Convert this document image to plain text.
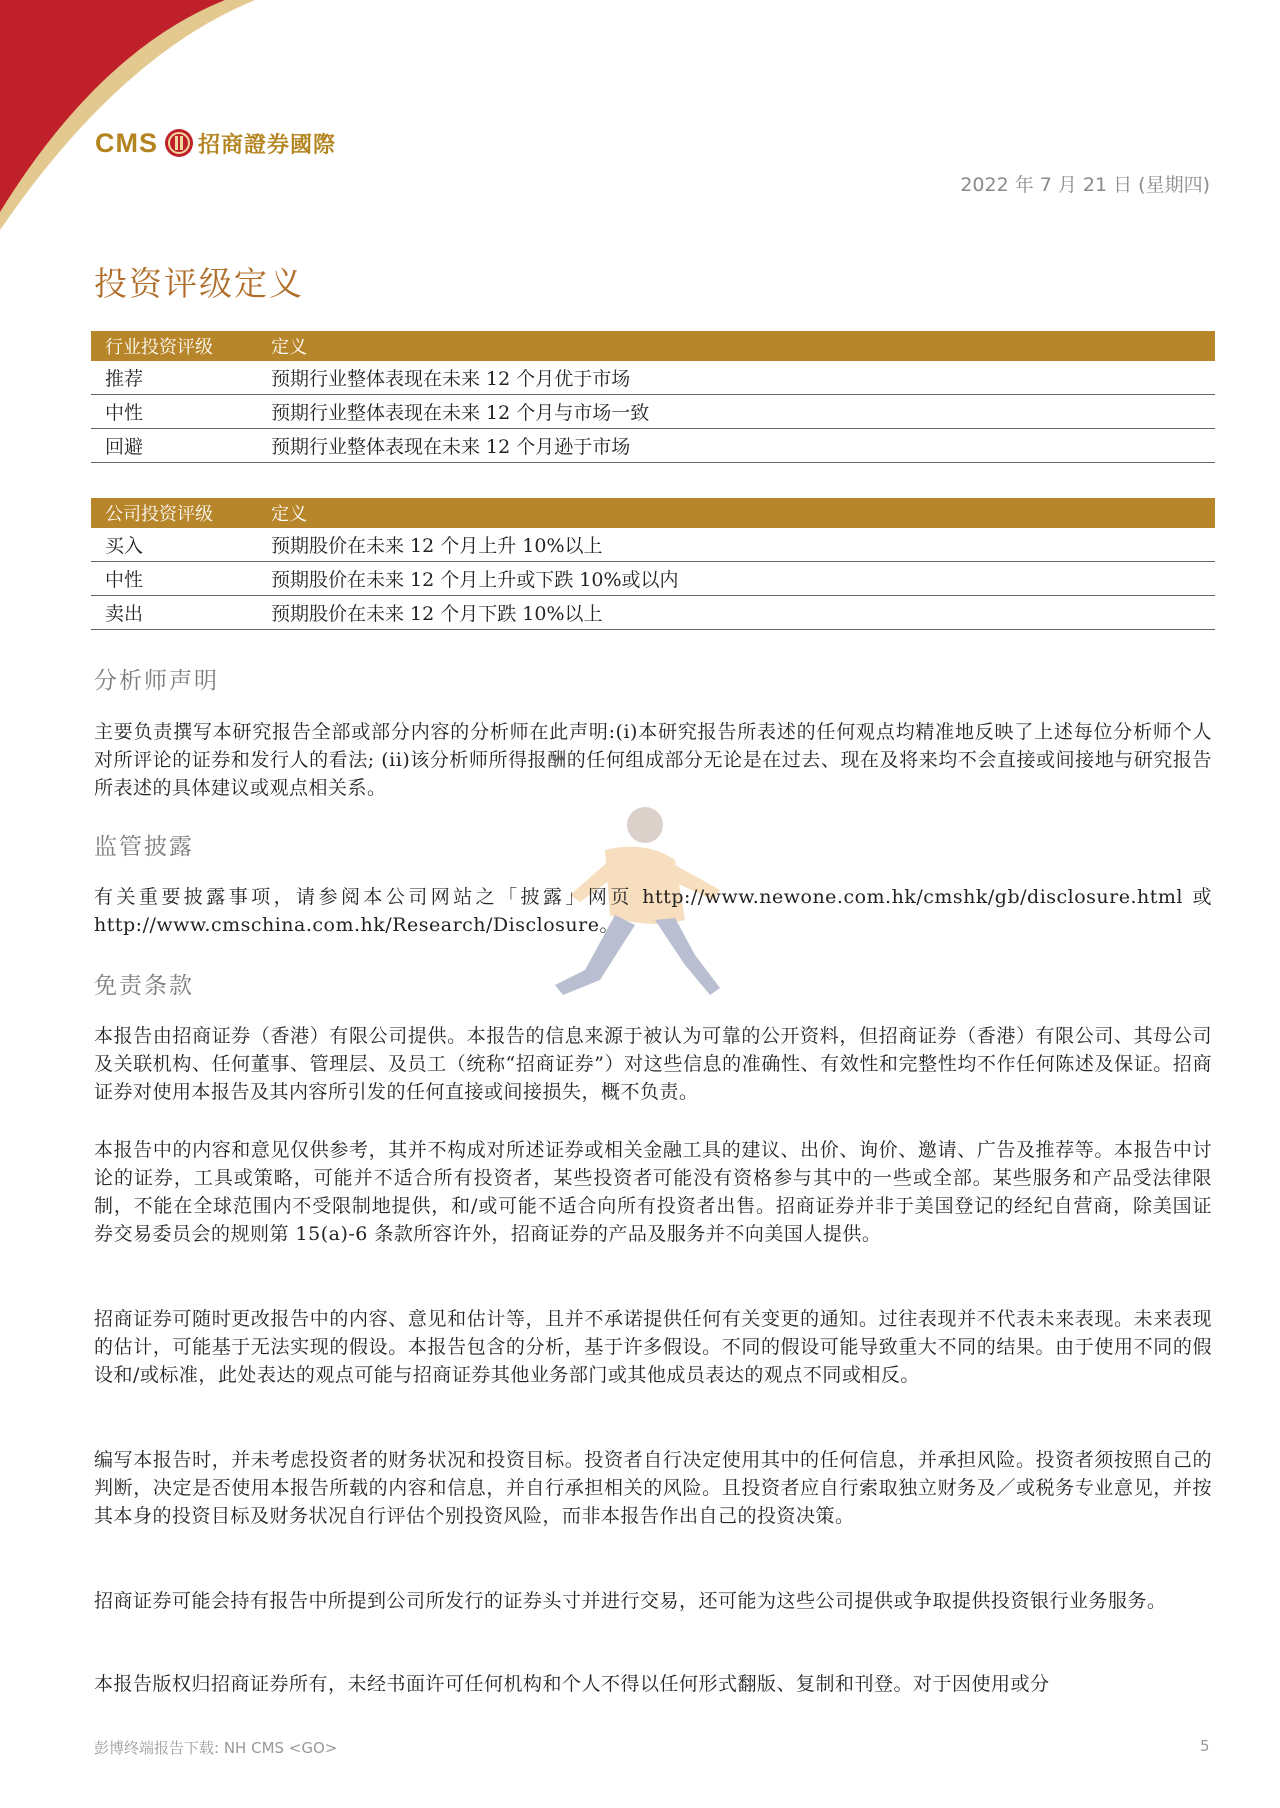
CMS 招商證券國際
2022 年 7 月 21 日 (星期四)
投资评级定义
行业投资评级	定义
推荐	预期行业整体表现在未来 12 个月优于市场
中性	预期行业整体表现在未来 12 个月与市场一致
回避	预期行业整体表现在未来 12 个月逊于市场
公司投资评级	定义
买入	预期股价在未来 12 个月上升 10%以上
中性	预期股价在未来 12 个月上升或下跌 10%或以内
卖出	预期股价在未来 12 个月下跌 10%以上
分析师声明

主要负责撰写本研究报告全部或部分内容的分析师在此声明:(i)本研究报告所表述的任何观点均精准地反映了上述每位分析师个人对所评论的证券和发行人的看法; (ii)该分析师所得报酬的任何组成部分无论是在过去、现在及将来均不会直接或间接地与研究报告所表述的具体建议或观点相关系。

监管披露

有关重要披露事项，请参阅本公司网站之「披露」网页 http://www.newone.com.hk/cmshk/gb/disclosure.html 或 http://www.cmschina.com.hk/Research/Disclosure。

免责条款

本报告由招商证券（香港）有限公司提供。本报告的信息来源于被认为可靠的公开资料，但招商证券（香港）有限公司、其母公司及关联机构、任何董事、管理层、及员工（统称“招商证券”）对这些信息的准确性、有效性和完整性均不作任何陈述及保证。招商证券对使用本报告及其内容所引发的任何直接或间接损失，概不负责。

本报告中的内容和意见仅供参考，其并不构成对所述证券或相关金融工具的建议、出价、询价、邀请、广告及推荐等。本报告中讨论的证券，工具或策略，可能并不适合所有投资者，某些投资者可能没有资格参与其中的一些或全部。某些服务和产品受法律限制，不能在全球范围内不受限制地提供，和/或可能不适合向所有投资者出售。招商证券并非于美国登记的经纪自营商，除美国证券交易委员会的规则第 15(a)-6 条款所容许外，招商证券的产品及服务并不向美国人提供。

招商证券可随时更改报告中的内容、意见和估计等，且并不承诺提供任何有关变更的通知。过往表现并不代表未来表现。未来表现的估计，可能基于无法实现的假设。本报告包含的分析，基于许多假设。不同的假设可能导致重大不同的结果。由于使用不同的假设和/或标准，此处表达的观点可能与招商证券其他业务部门或其他成员表达的观点不同或相反。

编写本报告时，并未考虑投资者的财务状况和投资目标。投资者自行决定使用其中的任何信息，并承担风险。投资者须按照自己的判断，决定是否使用本报告所载的内容和信息，并自行承担相关的风险。且投资者应自行索取独立财务及／或税务专业意见，并按其本身的投资目标及财务状况自行评估个别投资风险，而非本报告作出自己的投资决策。

招商证券可能会持有报告中所提到公司所发行的证券头寸并进行交易，还可能为这些公司提供或争取提供投资银行业务服务。

本报告版权归招商证券所有，未经书面许可任何机构和个人不得以任何形式翻版、复制和刊登。对于因使用或分

彭博终端报告下载: NH CMS <GO>	5
